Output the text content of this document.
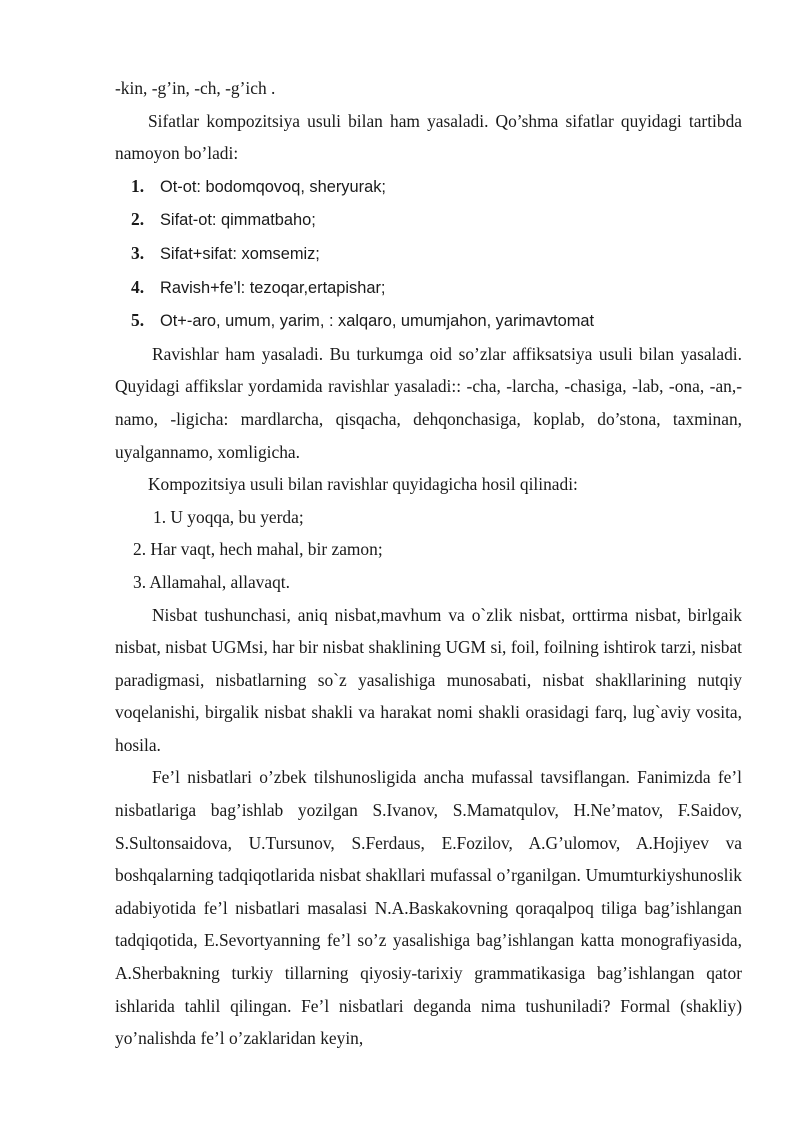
-kin, -g’in, -ch, -g’ich .

Sifatlar kompozitsiya usuli bilan ham yasaladi. Qo’shma sifatlar quyidagi tartibda namoyon bo’ladi:

1. Ot-ot: bodomqovoq, sheryurak;
2. Sifat-ot: qimmatbaho;
3. Sifat+sifat: xomsemiz;
4. Ravish+fe’l: tezoqar,ertapishar;
5. Ot+-aro, umum, yarim, : xalqaro, umumjahon, yarimavtomat

Ravishlar ham yasaladi. Bu turkumga oid so’zlar affiksatsiya usuli bilan yasaladi. Quyidagi affikslar yordamida ravishlar yasaladi:: -cha, -larcha, -chasiga, -lab, -ona, -an,-namo, -ligicha: mardlarcha, qisqacha, dehqonchasiga, koplab, do’stona, taxminan, uyalgannamo, xomligicha.

Kompozitsiya usuli bilan ravishlar quyidagicha hosil qilinadi:

1. U yoqqa, bu yerda;
2. Har vaqt, hech mahal, bir zamon;
3. Allamahal, allavaqt.

Nisbat tushunchasi, aniq nisbat,mavhum va o`zlik nisbat, orttirma nisbat, birlgaik nisbat, nisbat UGMsi, har bir nisbat shaklining UGM si, foil, foilning ishtirok tarzi, nisbat paradigmasi, nisbatlarning so`z yasalishiga munosabati, nisbat shakllarining nutqiy voqelanishi, birgalik nisbat shakli va harakat nomi shakli orasidagi farq, lug`aviy vosita, hosila.

Fe’l nisbatlari o’zbek tilshunosligida ancha mufassal tavsiflangan. Fanimizda fe’l nisbatlariga bag’ishlab yozilgan S.Ivanov, S.Mamatqulov, H.Ne’matov, F.Saidov, S.Sultonsaidova, U.Tursunov, S.Ferdaus, E.Fozilov, A.G’ulomov, A.Hojiyev va boshqalarning tadqiqotlarida nisbat shakllari mufassal o’rganilgan. Umumturkiyshunoslik adabiyotida fe’l nisbatlari masalasi N.A.Baskakovning qoraqalpoq tiliga bag’ishlangan tadqiqotida, E.Sevortyanning fe’l so’z yasalishiga bag’ishlangan katta monografiyasida, A.Sherbakning turkiy tillarning qiyosiy-tarixiy grammatikasiga bag’ishlangan qator ishlarida tahlil qilingan. Fe’l nisbatlari deganda nima tushuniladi? Formal (shakliy) yo’nalishda fe’l o’zaklaridan keyin,
